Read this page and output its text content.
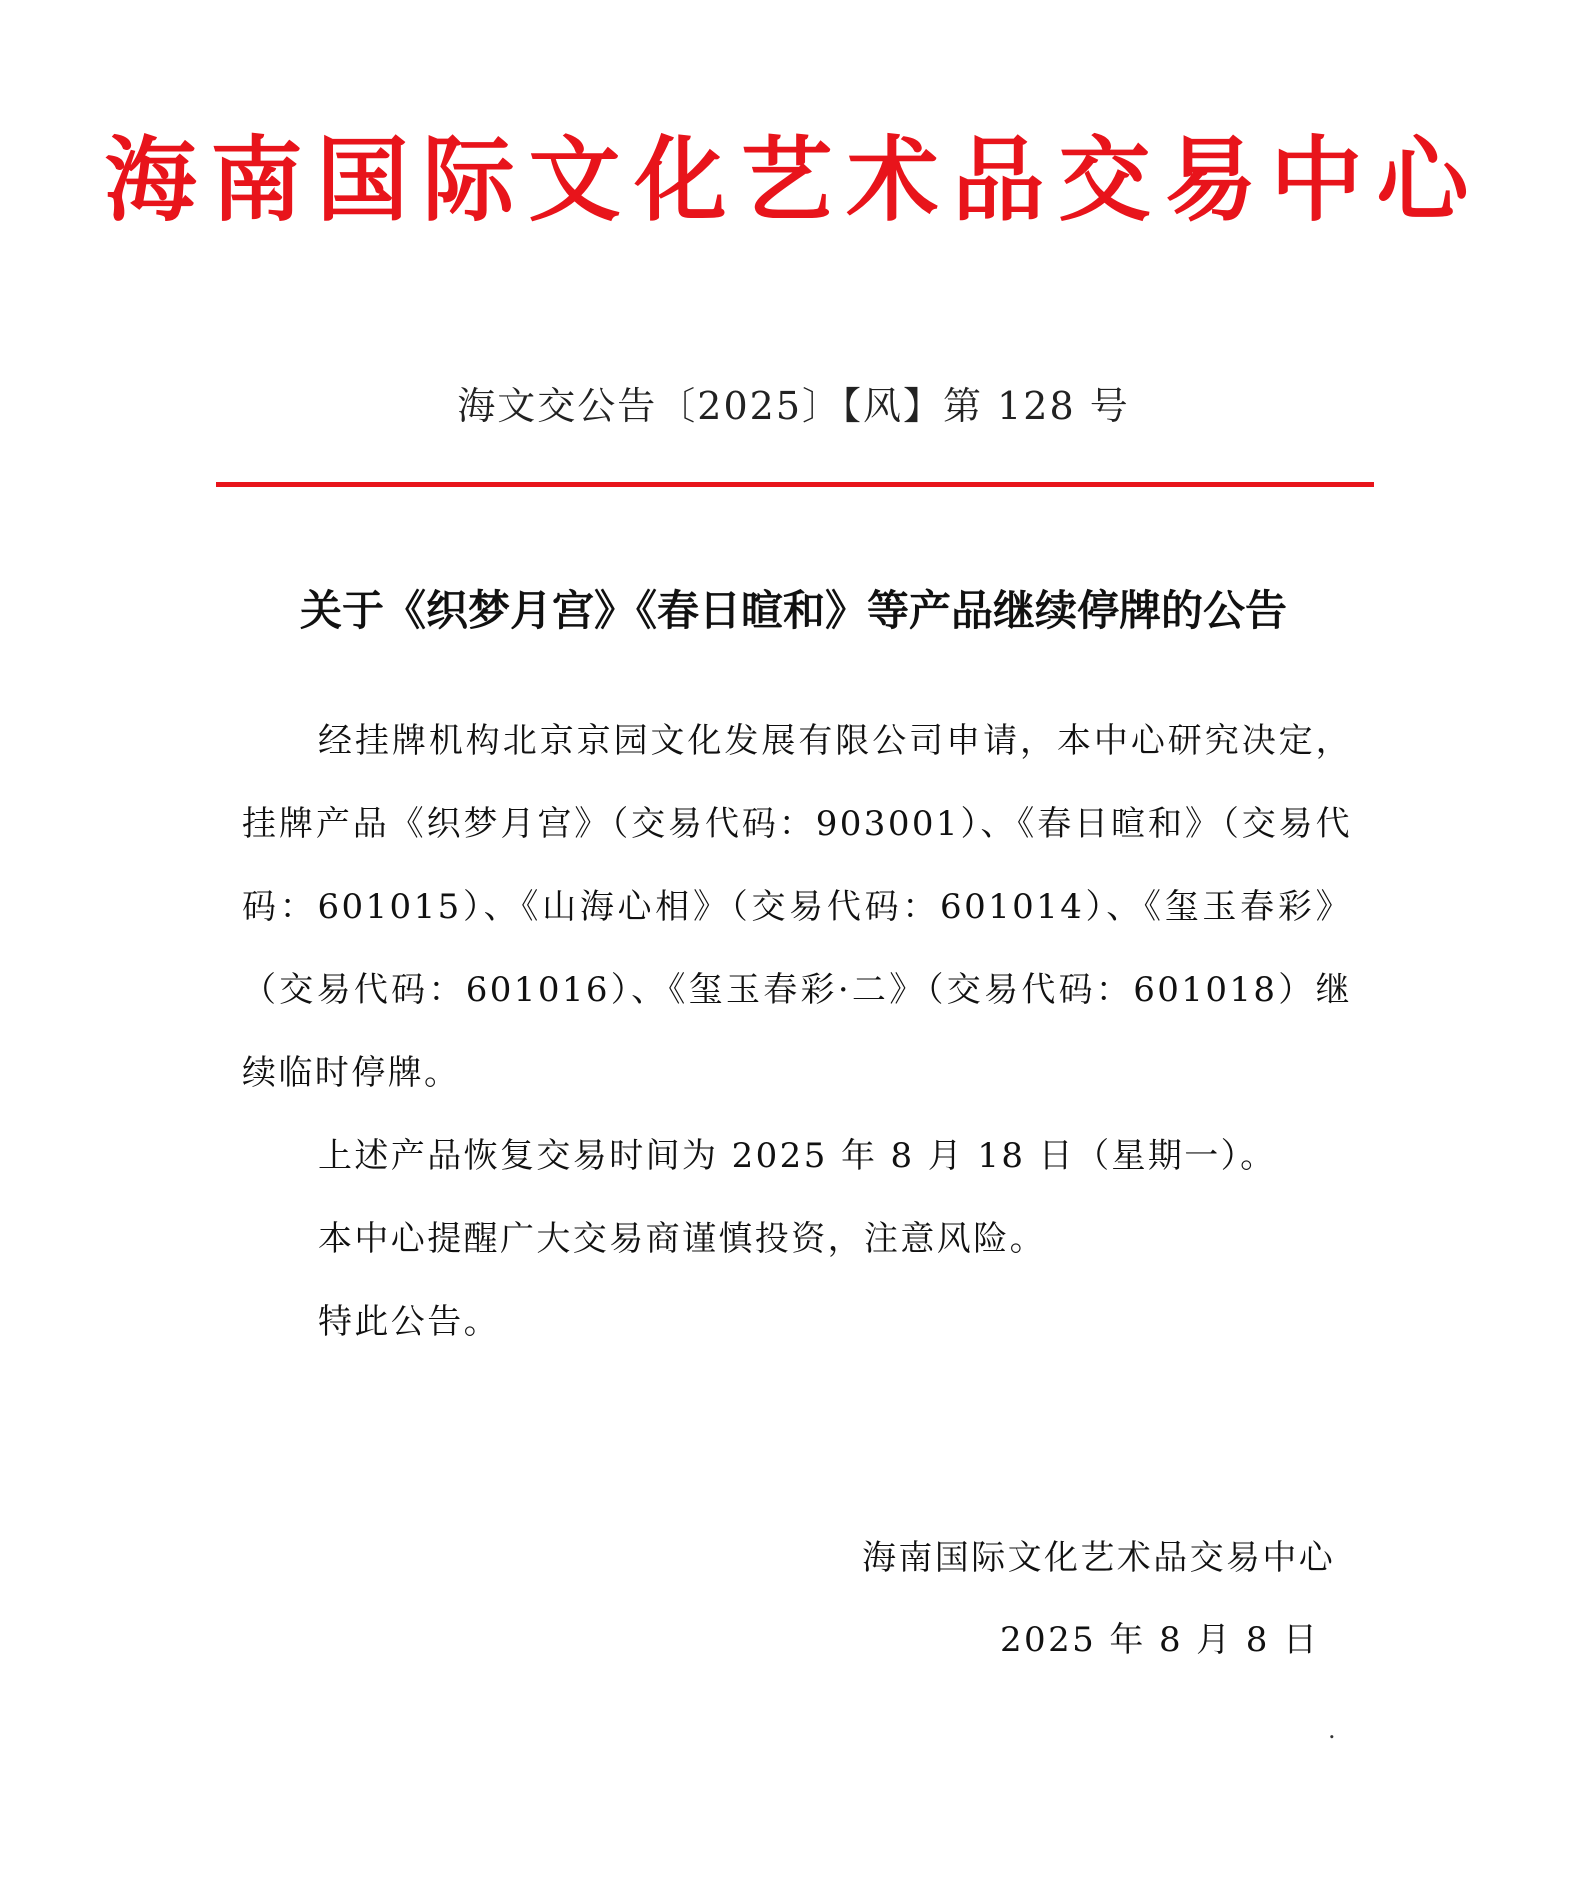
海南国际文化艺术品交易中心
海文交公告〔2025〕【风】第 128 号
关于《织梦月宫》《春日暄和》等产品继续停牌的公告

经挂牌机构北京京园文化发展有限公司申请，本中心研究决定，挂牌产品《织梦月宫》（交易代码：903001）、《春日暄和》（交易代码：601015）、《山海心相》（交易代码：601014）、《玺玉春彩》（交易代码：601016）、《玺玉春彩·二》（交易代码：601018）继续临时停牌。

上述产品恢复交易时间为 2025 年 8 月 18 日（星期一）。

本中心提醒广大交易商谨慎投资，注意风险。

特此公告。

海南国际文化艺术品交易中心
2025 年 8 月 8 日
.
